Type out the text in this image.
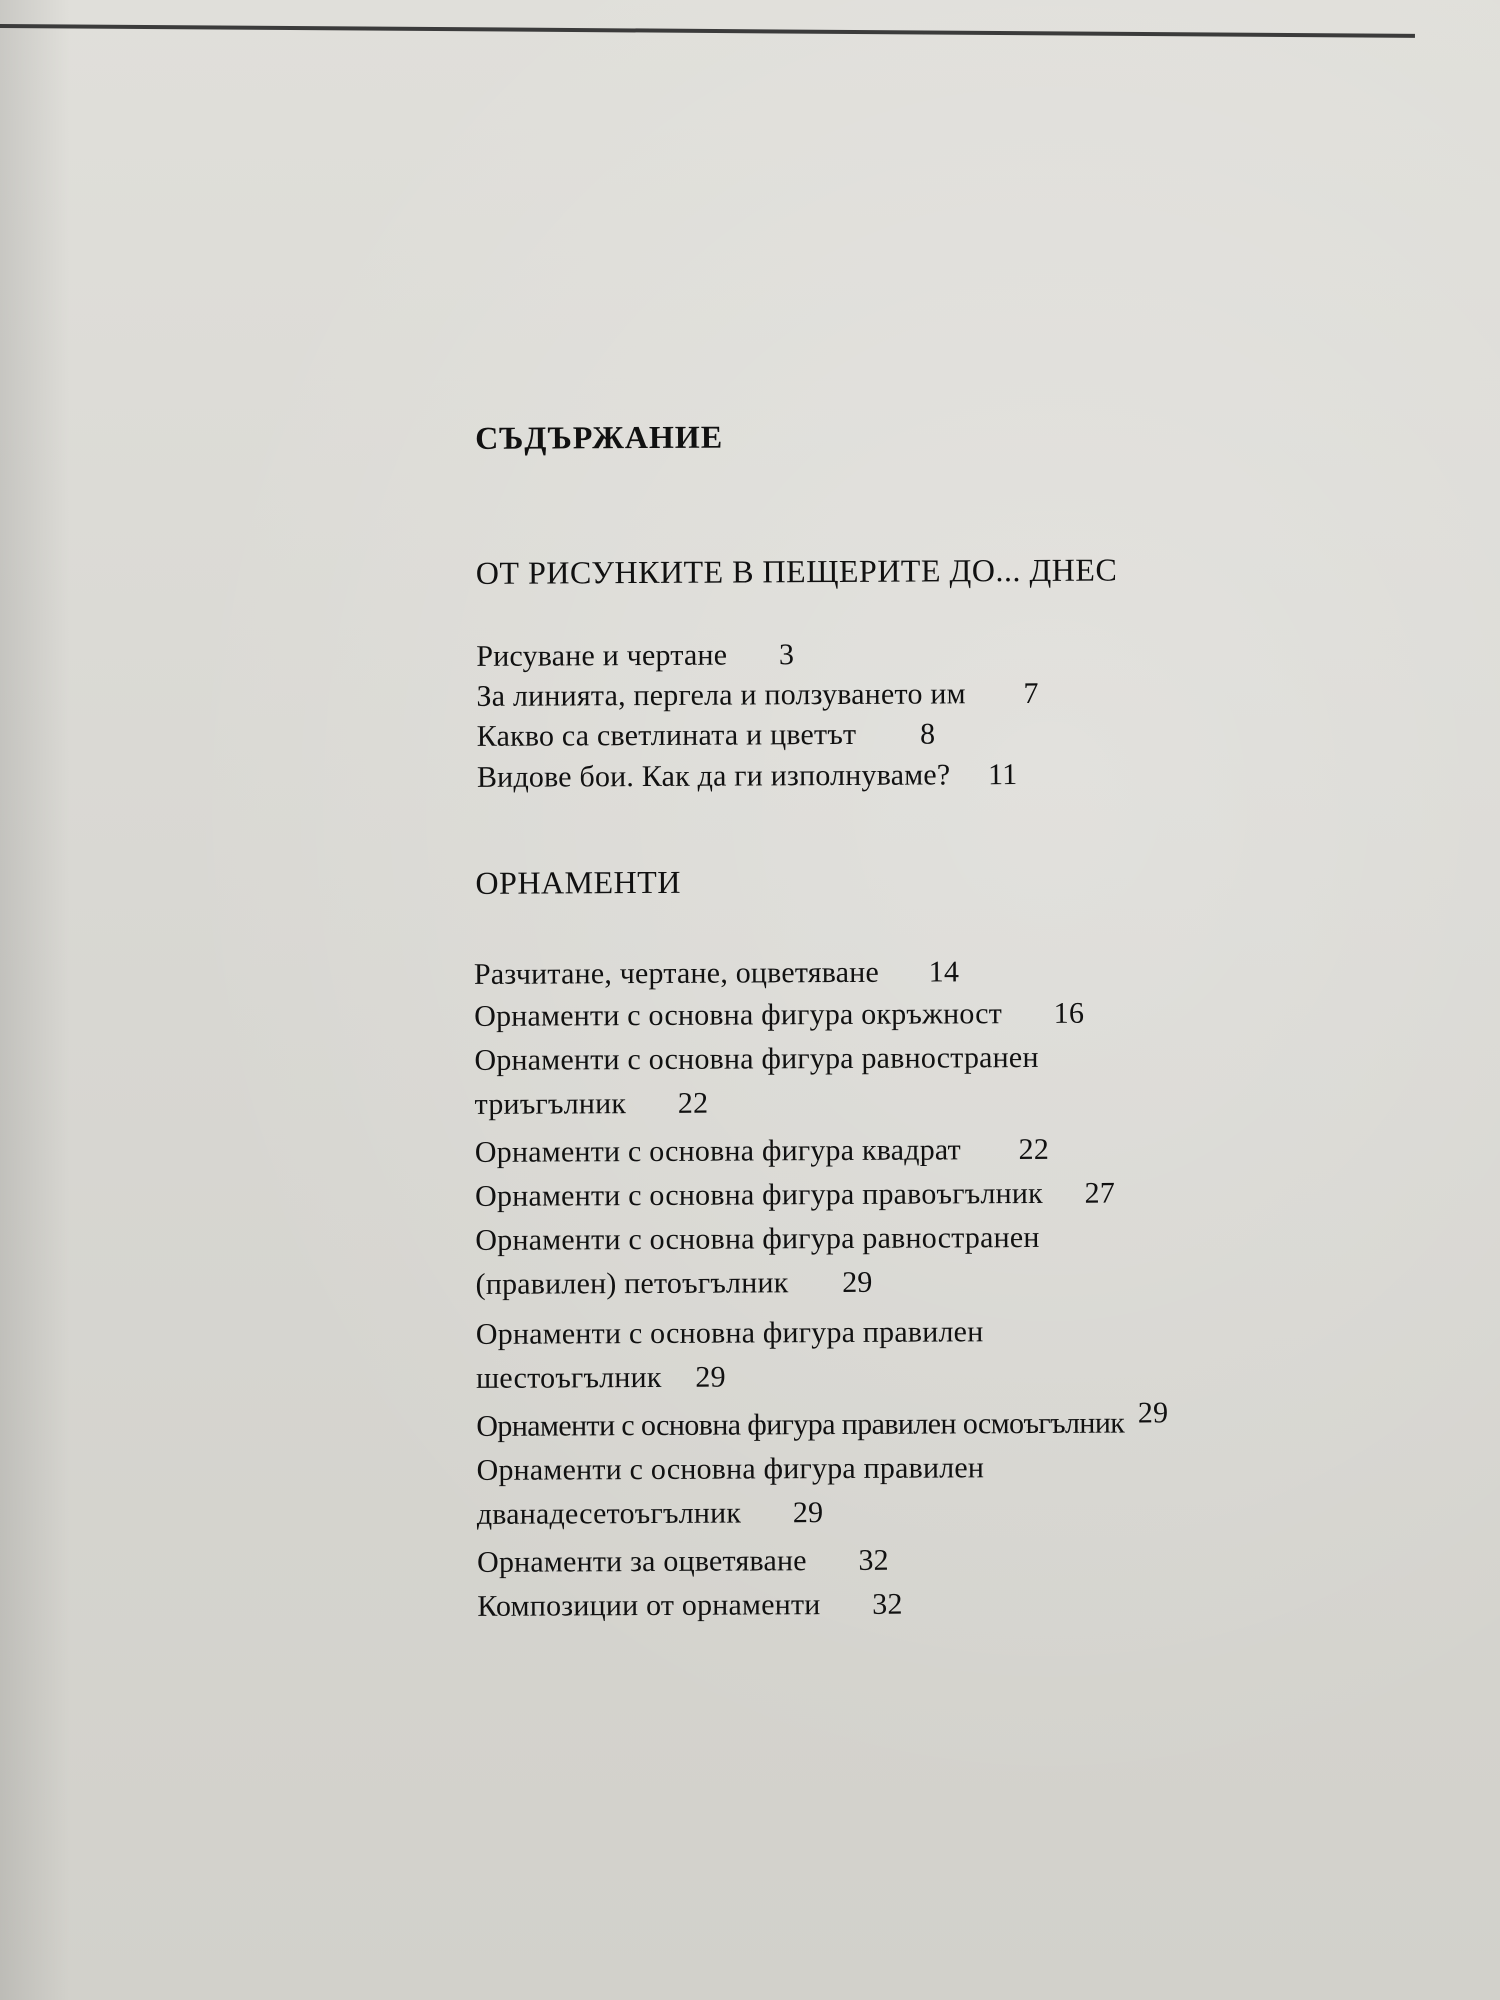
СЪДЪРЖАНИЕ
ОТ РИСУНКИТЕ В ПЕЩЕРИТЕ ДО... ДНЕС
Рисуване и чертане 3
За линията, пергела и ползуването им 7
Какво са светлината и цветът 8
Видове бои. Как да ги изполнуваме? 11
ОРНАМЕНТИ
Разчитане, чертане, оцветяване 14
Орнаменти с основна фигура окръжност 16
Орнаменти с основна фигура равностранен
триъгълник 22
Орнаменти с основна фигура квадрат 22
Орнаменти с основна фигура правоъгълник 27
Орнаменти с основна фигура равностранен
(правилен) петоъгълник 29
Орнаменти с основна фигура правилен
шестоъгълник 29
Орнаменти с основна фигура правилен осмоъгълник 29
Орнаменти с основна фигура правилен
дванадесетоъгълник 29
Орнаменти за оцветяване 32
Композиции от орнаменти 32
